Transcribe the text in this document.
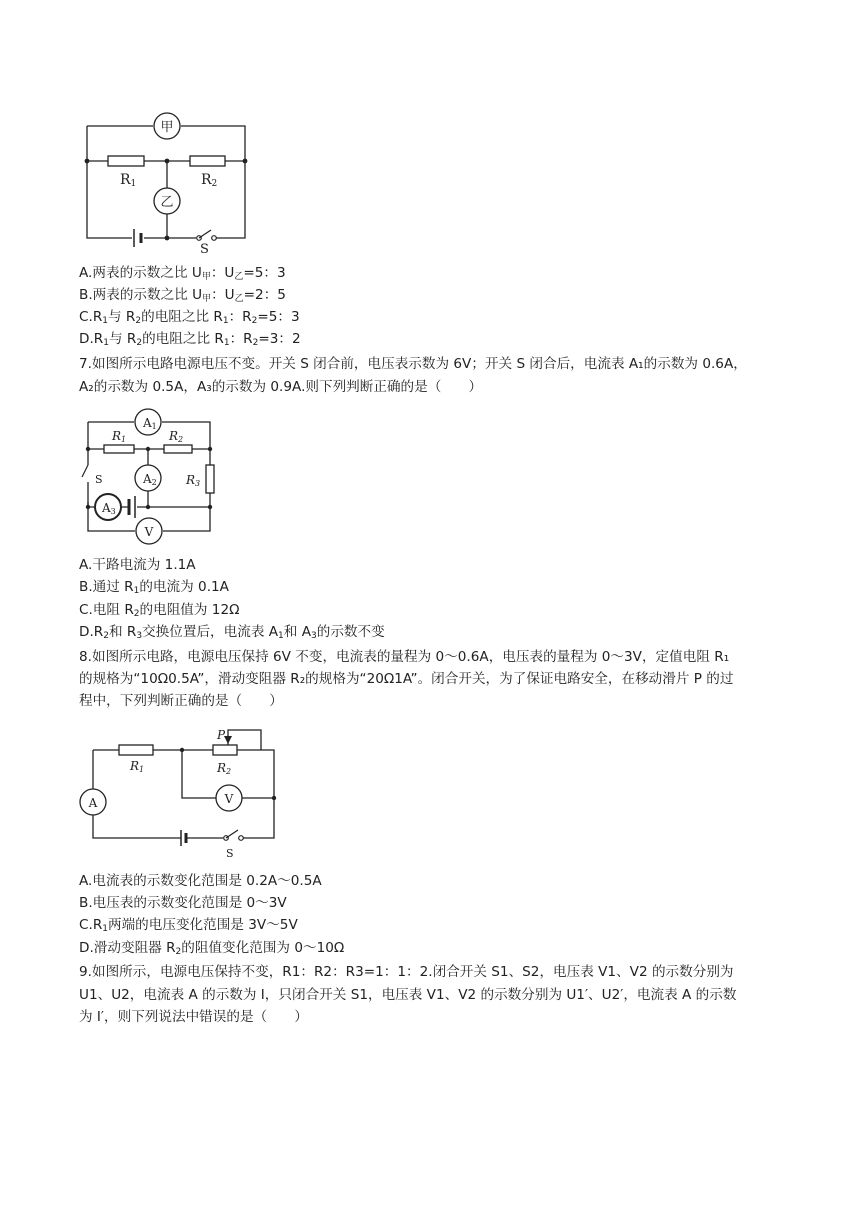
甲
乙
R1	R2
S
A.两表的示数之比 $U_甲$：$U_乙=5$：3
B.两表的示数之比 $U_甲$：$U_乙=2$：5
$C.R_1$与 $R_2$的电阻之比 $R_1$：$R_2=5$：3
$D.R_1$与 $R_2$的电阻之比 $R_1$：$R_2=3$：2
7.如图所示电路电源电压不变。开关 S 闭合前，电压表示数为 6V；开关 S 闭合后，电流表 A₁的示数为 0.6A，
A₂的示数为 0.5A，A₃的示数为 0.9A.则下列判断正确的是（　　）
A1
A2
A3
V
R1	R2
R3
S
A.干路电流为 1.1A
B.通过 $R_1$的电流为 0.1A
C.电阻 $R_2$的电阻值为 12Ω
$D.R_2$和 $R_3$交换位置后，电流表 $A_1$和 $A_3$的示数不变
8.如图所示电路，电源电压保持 6V 不变，电流表的量程为 0～0.6A，电压表的量程为 0～3V，定值电阻 R₁
的规格为“10Ω0.5A”，滑动变阻器 R₂的规格为“20Ω1A”。闭合开关，为了保证电路安全，在移动滑片 P 的过
程中，下列判断正确的是（　　）
A	V
P
R1	R2
S
A.电流表的示数变化范围是 0.2A～0.5A
B.电压表的示数变化范围是 0～3V
$C.R_1$两端的电压变化范围是 3V～5V
D.滑动变阻器 $R_2$的阻值变化范围为 0～10Ω
9.如图所示，电源电压保持不变，R1：R2：R3=1：1：2.闭合开关 S1、S2，电压表 V1、V2 的示数分别为
U1、U2，电流表 A 的示数为 I，只闭合开关 S1，电压表 V1、V2 的示数分别为 U1′、U2′，电流表 A 的示数
为 I′，则下列说法中错误的是（　　）
